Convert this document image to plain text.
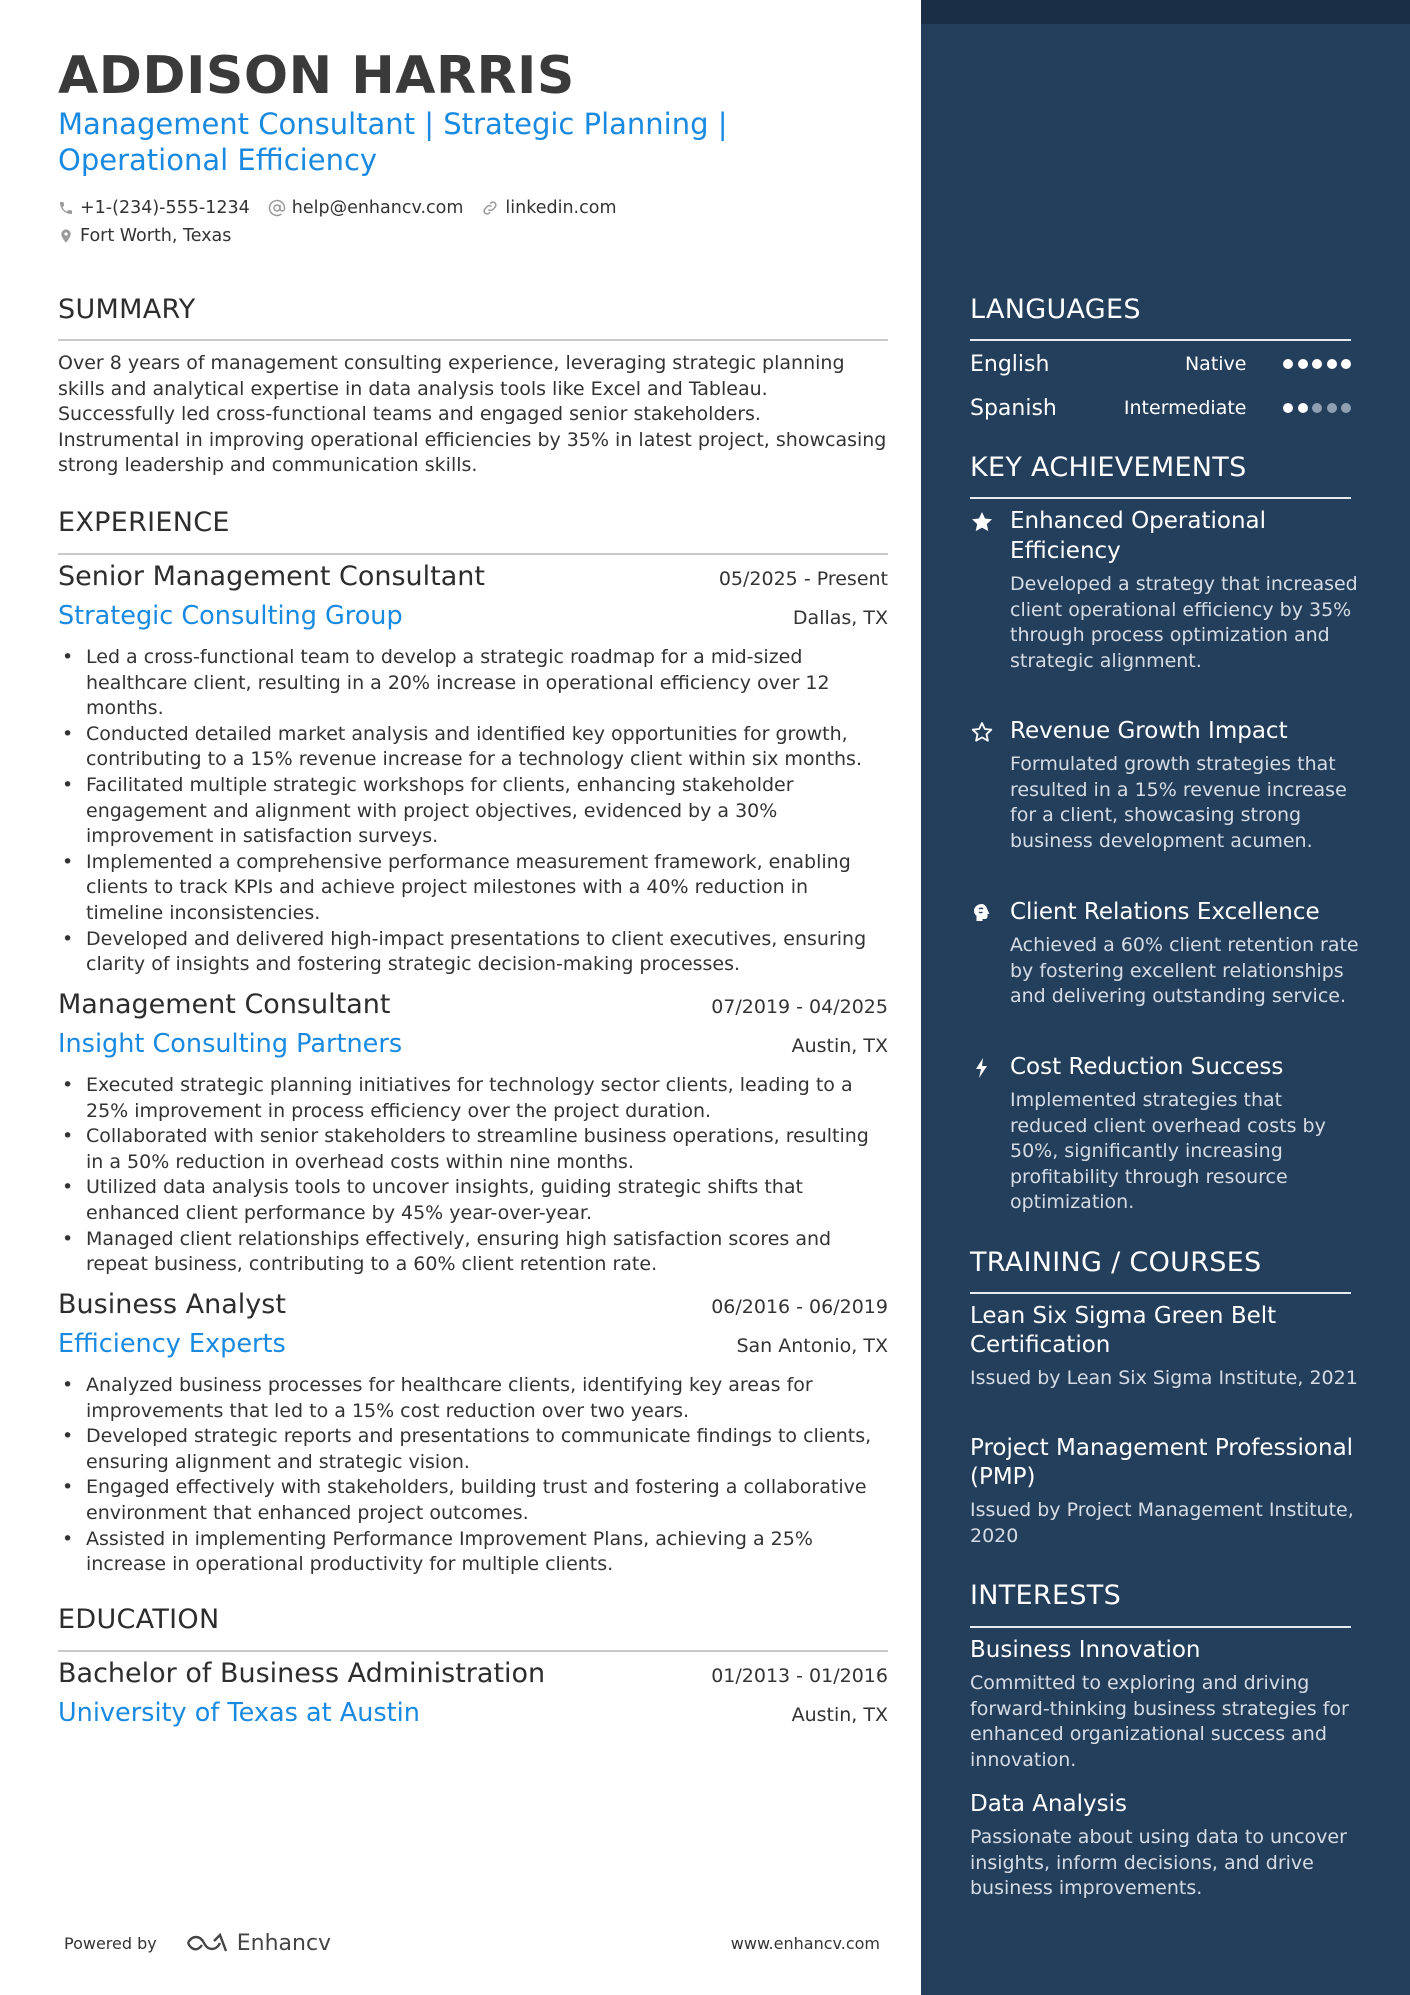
ADDISON HARRIS
Management Consultant | Strategic Planning | Operational Efficiency
+1-(234)-555-1234 help@enhancv.com linkedin.com
Fort Worth, Texas
SUMMARY
Over 8 years of management consulting experience, leveraging strategic planning skills and analytical expertise in data analysis tools like Excel and Tableau. Successfully led cross-functional teams and engaged senior stakeholders. Instrumental in improving operational efficiencies by 35% in latest project, showcasing strong leadership and communication skills.
EXPERIENCE
Senior Management Consultant	05/2025 - Present
Strategic Consulting Group	Dallas, TX
• Led a cross-functional team to develop a strategic roadmap for a mid-sized healthcare client, resulting in a 20% increase in operational efficiency over 12 months.
• Conducted detailed market analysis and identified key opportunities for growth, contributing to a 15% revenue increase for a technology client within six months.
• Facilitated multiple strategic workshops for clients, enhancing stakeholder engagement and alignment with project objectives, evidenced by a 30% improvement in satisfaction surveys.
• Implemented a comprehensive performance measurement framework, enabling clients to track KPIs and achieve project milestones with a 40% reduction in timeline inconsistencies.
• Developed and delivered high-impact presentations to client executives, ensuring clarity of insights and fostering strategic decision-making processes.
Management Consultant	07/2019 - 04/2025
Insight Consulting Partners	Austin, TX
• Executed strategic planning initiatives for technology sector clients, leading to a 25% improvement in process efficiency over the project duration.
• Collaborated with senior stakeholders to streamline business operations, resulting in a 50% reduction in overhead costs within nine months.
• Utilized data analysis tools to uncover insights, guiding strategic shifts that enhanced client performance by 45% year-over-year.
• Managed client relationships effectively, ensuring high satisfaction scores and repeat business, contributing to a 60% client retention rate.
Business Analyst	06/2016 - 06/2019
Efficiency Experts	San Antonio, TX
• Analyzed business processes for healthcare clients, identifying key areas for improvements that led to a 15% cost reduction over two years.
• Developed strategic reports and presentations to communicate findings to clients, ensuring alignment and strategic vision.
• Engaged effectively with stakeholders, building trust and fostering a collaborative environment that enhanced project outcomes.
• Assisted in implementing Performance Improvement Plans, achieving a 25% increase in operational productivity for multiple clients.
EDUCATION
Bachelor of Business Administration	01/2013 - 01/2016
University of Texas at Austin	Austin, TX
Powered by	Enhancv	www.enhancv.com
LANGUAGES
English	Native
Spanish	Intermediate
KEY ACHIEVEMENTS
Enhanced Operational Efficiency
Developed a strategy that increased client operational efficiency by 35% through process optimization and strategic alignment.
Revenue Growth Impact
Formulated growth strategies that resulted in a 15% revenue increase for a client, showcasing strong business development acumen.
Client Relations Excellence
Achieved a 60% client retention rate by fostering excellent relationships and delivering outstanding service.
Cost Reduction Success
Implemented strategies that reduced client overhead costs by 50%, significantly increasing profitability through resource optimization.
TRAINING / COURSES
Lean Six Sigma Green Belt Certification
Issued by Lean Six Sigma Institute, 2021
Project Management Professional (PMP)
Issued by Project Management Institute, 2020
INTERESTS
Business Innovation
Committed to exploring and driving forward-thinking business strategies for enhanced organizational success and innovation.
Data Analysis
Passionate about using data to uncover insights, inform decisions, and drive business improvements.
